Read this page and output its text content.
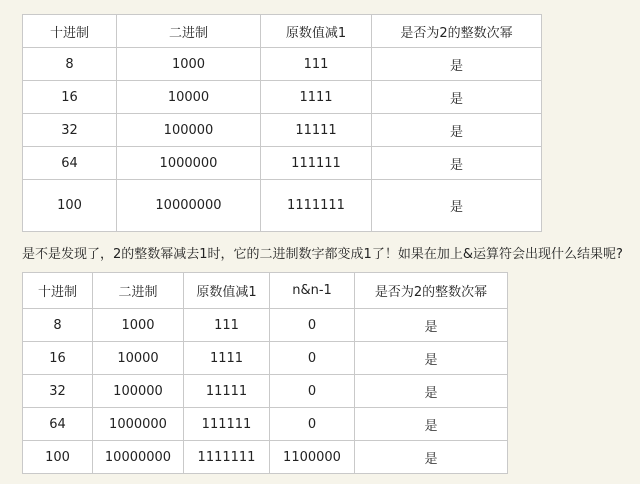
十进制	二进制	原数值减1	是否为2的整数次幂
8	1000	111	是
16	10000	1111	是
32	100000	11111	是
64	1000000	111111	是
100	10000000	1111111	是
是不是发现了，2的整数幂减去1时，它的二进制数字都变成1了！如果在加上&运算符会出现什么结果呢?
十进制	二进制	原数值减1	n&n-1	是否为2的整数次幂
8	1000	111	0	是
16	10000	1111	0	是
32	100000	11111	0	是
64	1000000	111111	0	是
100	10000000	1111111	1100000	是
